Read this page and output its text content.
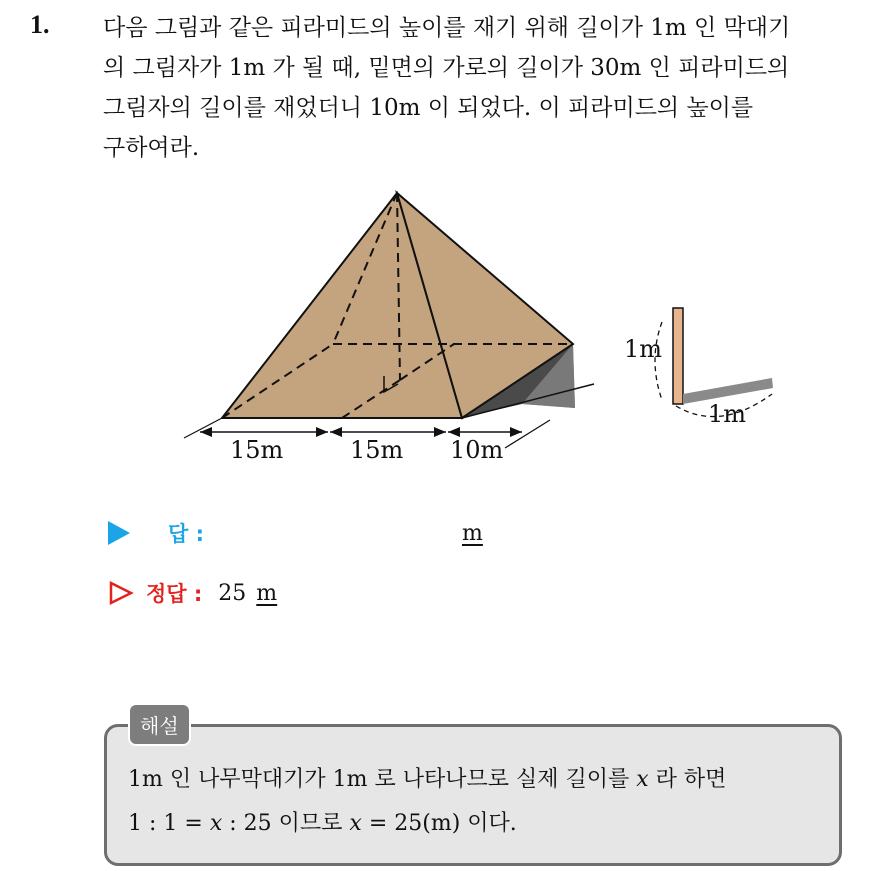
1. 다음 그림과 같은 피라미드의 높이를 재기 위해 길이가 1m 인 막대기
의 그림자가 1m 가 될 때, 밑면의 가로의 길이가 30m 인 피라미드의
그림자의 길이를 재었더니 10m 이 되었다. 이 피라미드의 높이를
구하여라.
15m	15m 10m
1m
1m
답 :	m
정답 : 25 m
해설
1m 인 나무막대기가 1m 로 나타나므로 실제 길이를 x 라 하면
1 : 1 = x : 25 이므로 x = 25(m) 이다.
